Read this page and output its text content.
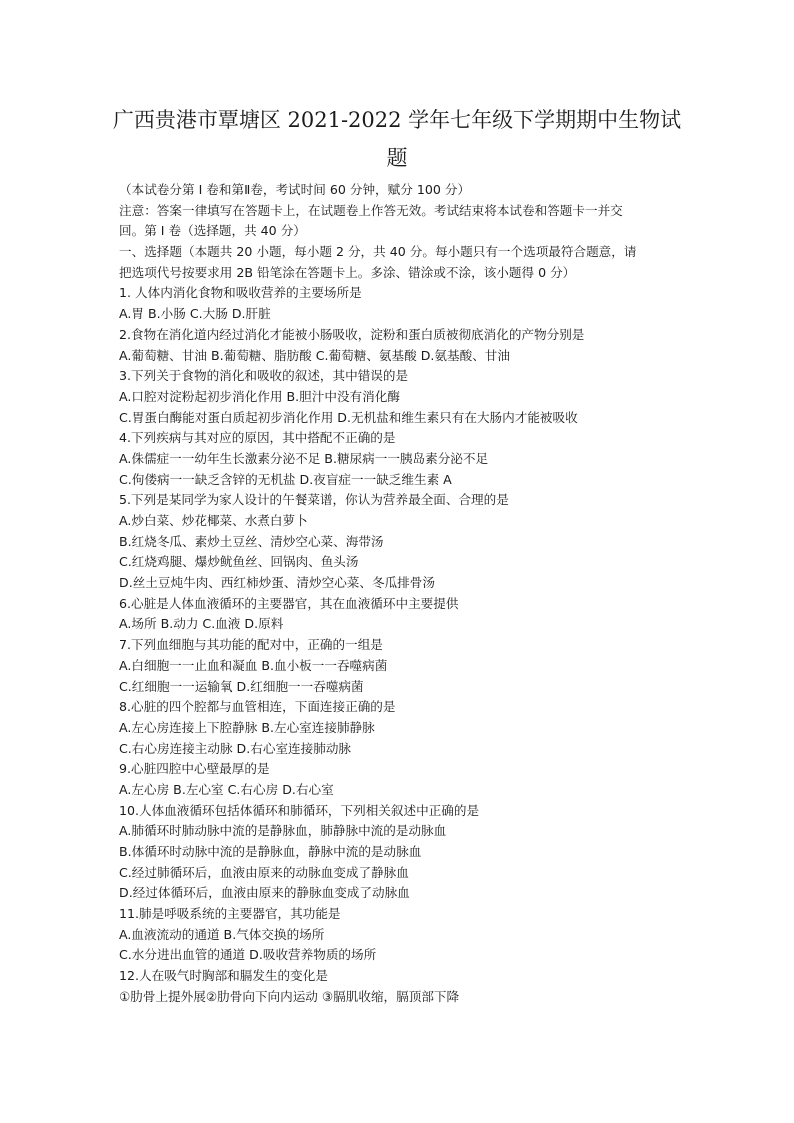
广西贵港市覃塘区 2021-2022 学年七年级下学期期中生物试
题
（本试卷分第 I 卷和第Ⅱ卷，考试时间 60 分钟，赋分 100 分）
注意：答案一律填写在答题卡上，在试题卷上作答无效。考试结束将本试卷和答题卡一并交
回。第 I 卷（选择题，共 40 分）
一、选择题（本题共 20 小题，每小题 2 分，共 40 分。每小题只有一个选项最符合题意，请
把选项代号按要求用 2B 铅笔涂在答题卡上。多涂、错涂或不涂，该小题得 0 分）
1. 人体内消化食物和吸收营养的主要场所是
A.胃 B.小肠 C.大肠 D.肝脏
2.食物在消化道内经过消化才能被小肠吸收，淀粉和蛋白质被彻底消化的产物分别是
A.葡萄糖、甘油 B.葡萄糖、脂肪酸 C.葡萄糖、氨基酸 D.氨基酸、甘油
3.下列关于食物的消化和吸收的叙述，其中错误的是
A.口腔对淀粉起初步消化作用 B.胆汁中没有消化酶
C.胃蛋白酶能对蛋白质起初步消化作用 D.无机盐和维生素只有在大肠内才能被吸收
4.下列疾病与其对应的原因，其中搭配不正确的是
A.侏儒症一一幼年生长激素分泌不足 B.糖尿病一一胰岛素分泌不足
C.佝偻病一一缺乏含锌的无机盐 D.夜盲症一一缺乏维生素 A
5.下列是某同学为家人设计的午餐菜谱，你认为营养最全面、合理的是
A.炒白菜、炒花椰菜、水煮白萝卜
B.红烧冬瓜、素炒土豆丝、清炒空心菜、海带汤
C.红烧鸡腿、爆炒鱿鱼丝、回锅肉、鱼头汤
D.丝土豆炖牛肉、西红柿炒蛋、清炒空心菜、冬瓜排骨汤
6.心脏是人体血液循环的主要器官，其在血液循环中主要提供
A.场所 B.动力 C.血液 D.原料
7.下列血细胞与其功能的配对中，正确的一组是
A.白细胞一一止血和凝血 B.血小板一一吞噬病菌
C.红细胞一一运输氧 D.红细胞一一吞噬病菌
8.心脏的四个腔都与血管相连，下面连接正确的是
A.左心房连接上下腔静脉 B.左心室连接肺静脉
C.右心房连接主动脉 D.右心室连接肺动脉
9.心脏四腔中心壁最厚的是
A.左心房 B.左心室 C.右心房 D.右心室
10.人体血液循环包括体循环和肺循环，下列相关叙述中正确的是
A.肺循环时肺动脉中流的是静脉血，肺静脉中流的是动脉血
B.体循环时动脉中流的是静脉血，静脉中流的是动脉血
C.经过肺循环后，血液由原来的动脉血变成了静脉血
D.经过体循环后，血液由原来的静脉血变成了动脉血
11.肺是呼吸系统的主要器官，其功能是
A.血液流动的通道 B.气体交换的场所
C.水分进出血管的通道 D.吸收营养物质的场所
12.人在吸气时胸部和膈发生的变化是
①肋骨上提外展②肋骨向下向内运动 ③膈肌收缩，膈顶部下降
